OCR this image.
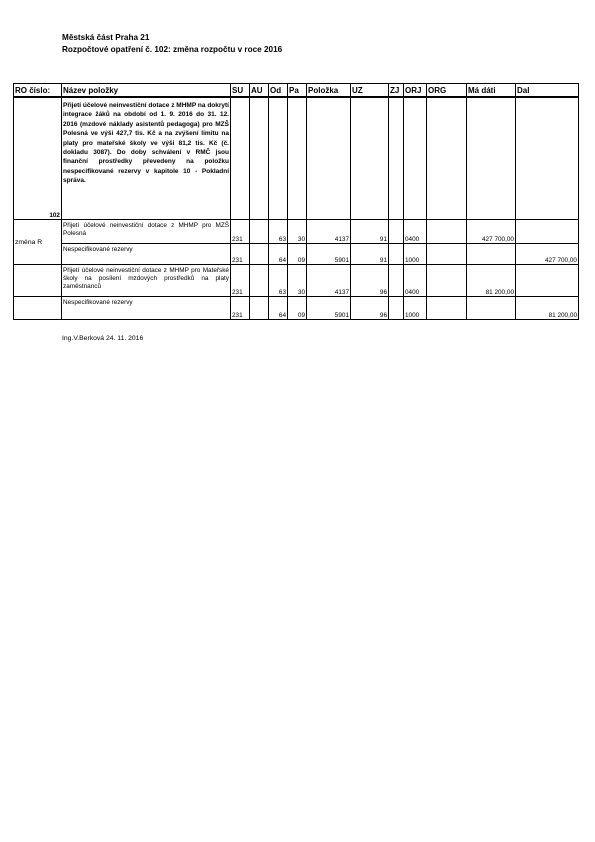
Městská část Praha 21
Rozpočtové opatření č. 102: změna rozpočtu v roce 2016
RO číslo:	Název položky	SU	AU	Od	Pa	Položka	UZ	ZJ	ORJ	ORG	Má dáti	Dal
102	Přijetí účelové neinvestiční dotace z MHMP na dokrytí integrace žáků na období od 1. 9. 2016 do 31. 12. 2016 (mzdové náklady asistentů pedagoga) pro MZŠ Polesná ve výši 427,7 tis. Kč a na zvýšení limitu na platy pro mateřské školy ve výši 81,2 tis. Kč (č. dokladu 3087). Do doby schválení v RMČ jsou finanční prostředky převedeny na položku nespecifikované rezervy v kapitole 10 - Pokladní správa.											
změna R	Přijetí účelové neinvestiční dotace z MHMP pro MZŠ Polesná	231		63	30	4137	91		0400		427 700,00	
	Nespecifikované rezervy	231		64	09	5901	91		1000			427 700,00
	Přijetí účelové neinvestiční dotace z MHMP pro Mateřské školy na posílení mzdových prostředků na platy zaměstnanců	231		63	30	4137	96		0400		81 200,00	
	Nespecifikované rezervy	231		64	09	5901	96		1000			81 200,00
Ing.V.Berková 24. 11. 2016
